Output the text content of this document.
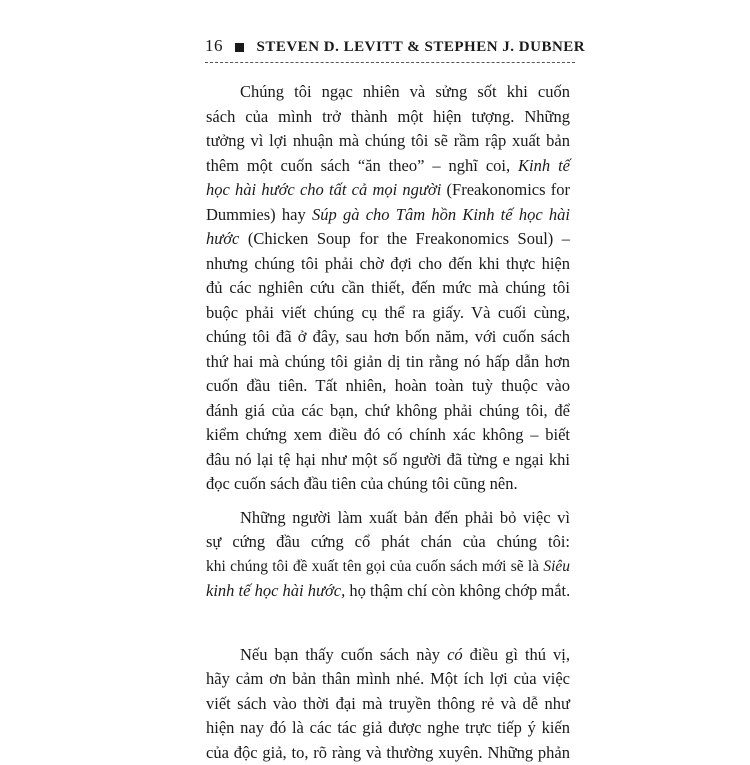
16 STEVEN D. LEVITT & STEPHEN J. DUBNER
Chúng tôi ngạc nhiên và sửng sốt khi cuốn
sách của mình trở thành một hiện tượng. Những
tưởng vì lợi nhuận mà chúng tôi sẽ rầm rập xuất bản
thêm một cuốn sách “ăn theo” – nghĩ coi, Kinh tế
học hài hước cho tất cả mọi người (Freakonomics for
Dummies) hay Súp gà cho Tâm hồn Kinh tế học hài
hước (Chicken Soup for the Freakonomics Soul) –
nhưng chúng tôi phải chờ đợi cho đến khi thực hiện
đủ các nghiên cứu cần thiết, đến mức mà chúng tôi
buộc phải viết chúng cụ thể ra giấy. Và cuối cùng,
chúng tôi đã ở đây, sau hơn bốn năm, với cuốn sách
thứ hai mà chúng tôi giản dị tin rằng nó hấp dẫn hơn
cuốn đầu tiên. Tất nhiên, hoàn toàn tuỳ thuộc vào
đánh giá của các bạn, chứ không phải chúng tôi, để
kiểm chứng xem điều đó có chính xác không – biết
đâu nó lại tệ hại như một số người đã từng e ngại khi
đọc cuốn sách đầu tiên của chúng tôi cũng nên.
Những người làm xuất bản đến phải bỏ việc vì
sự cứng đầu cứng cổ phát chán của chúng tôi:
khi chúng tôi đề xuất tên gọi của cuốn sách mới sẽ là Siêu
kinh tế học hài hước, họ thậm chí còn không chớp mắt.
Nếu bạn thấy cuốn sách này có điều gì thú vị,
hãy cảm ơn bản thân mình nhé. Một ích lợi của việc
viết sách vào thời đại mà truyền thông rẻ và dễ như
hiện nay đó là các tác giả được nghe trực tiếp ý kiến
của độc giả, to, rõ ràng và thường xuyên. Những phản
